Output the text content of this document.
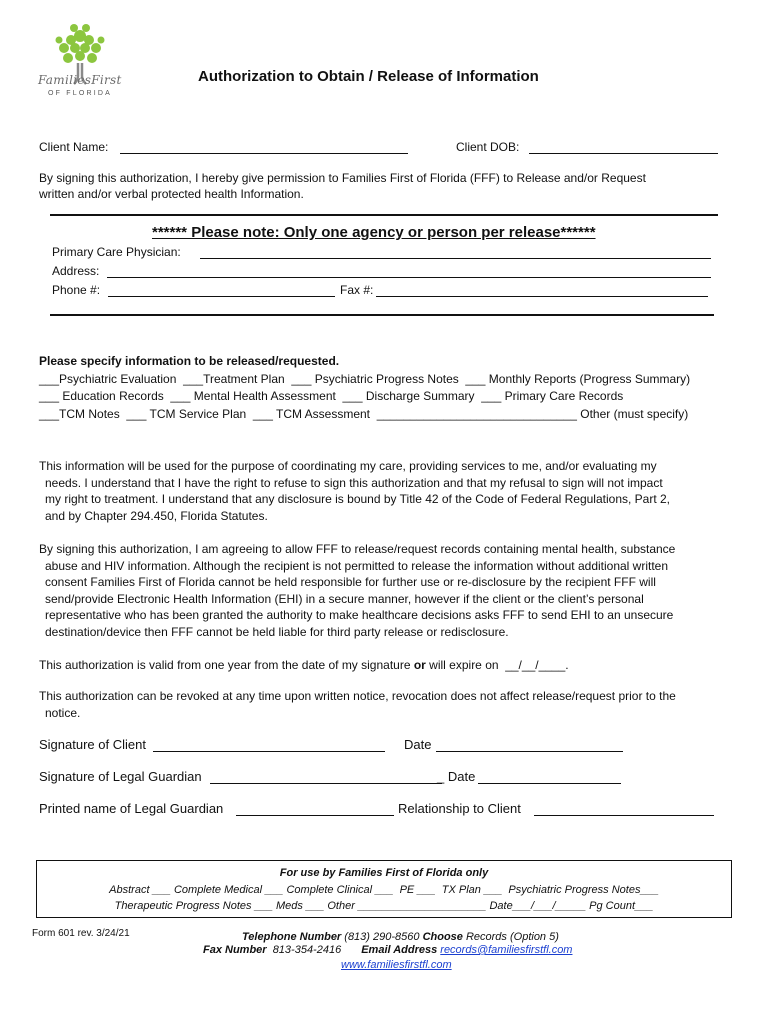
FamiliesFirst
OF FLORIDA
Authorization to Obtain / Release of Information
Client Name:	Client DOB:
By signing this authorization, I hereby give permission to Families First of Florida (FFF) to Release and/or Request
written and/or verbal protected health Information.
****** Please note: Only one agency or person per release******
Primary Care Physician:
Address:
Phone #:	Fax #:
Please specify information to be released/requested.
___Psychiatric Evaluation  ___Treatment Plan  ___ Psychiatric Progress Notes  ___ Monthly Reports (Progress Summary)
___ Education Records  ___ Mental Health Assessment  ___ Discharge Summary  ___ Primary Care Records
___TCM Notes  ___ TCM Service Plan  ___ TCM Assessment  ______________________________ Other (must specify)
This information will be used for the purpose of coordinating my care, providing services to me, and/or evaluating my

needs. I understand that I have the right to refuse to sign this authorization and that my refusal to sign will not impact
my right to treatment. I understand that any disclosure is bound by Title 42 of the Code of Federal Regulations, Part 2,
and by Chapter 294.450, Florida Statutes.
By signing this authorization, I am agreeing to allow FFF to release/request records containing mental health, substance

abuse and HIV information. Although the recipient is not permitted to release the information without additional written
consent Families First of Florida cannot be held responsible for further use or re-disclosure by the recipient FFF will
send/provide Electronic Health Information (EHI) in a secure manner, however if the client or the client’s personal
representative who has been granted the authority to make healthcare decisions asks FFF to send EHI to an unsecure
destination/device then FFF cannot be held liable for third party release or redisclosure.
This authorization is valid from one year from the date of my signature or will expire on  __/__/____.
This authorization can be revoked at any time upon written notice, revocation does not affect release/request prior to the

notice.
Signature of Client	Date
Signature of Legal Guardian	_ Date
Printed name of Legal Guardian	Relationship to Client
For use by Families First of Florida only
Abstract ___ Complete Medical ___ Complete Clinical ___  PE ___  TX Plan ___  Psychiatric Progress Notes___
Therapeutic Progress Notes ___ Meds ___ Other _____________________ Date___/___/_____ Pg Count___
Form 601 rev. 3/24/21	Telephone Number (813) 290-8560 Choose Records (Option 5)
Fax Number  813-354-2416 Email Address records@familiesfirstfl.com
www.familiesfirstfl.com
